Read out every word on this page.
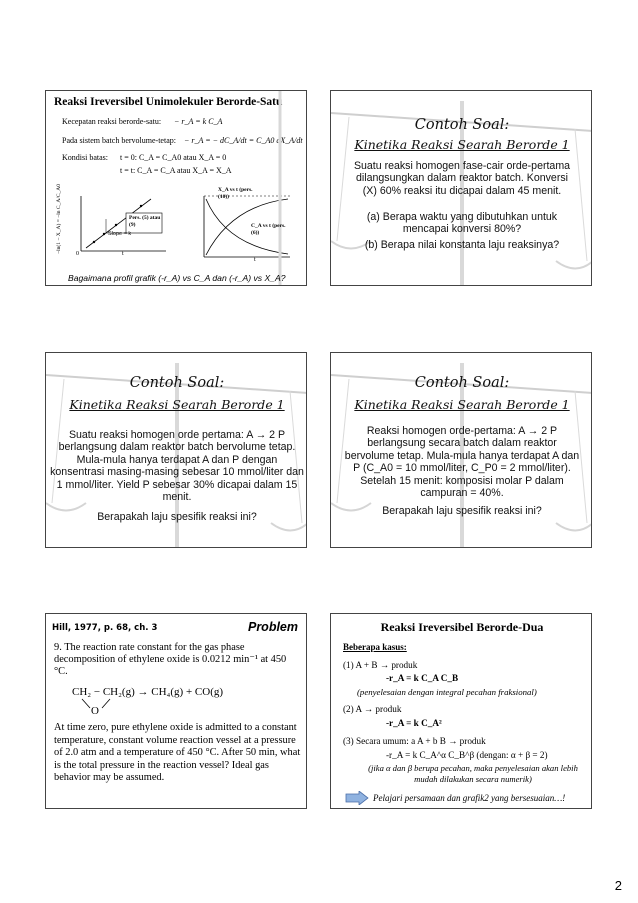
Reaksi Ireversibel Unimolekuler Berorde-Satu
Kecepatan reaksi berorde-satu: − r_A = k C_A
Pada sistem batch bervolume-tetap: − r_A = − dC_A/dt = C_A0 dX_A/dt
Kondisi batas: t = 0: C_A = C_A0 atau X_A = 0
t = t: C_A = C_A atau X_A = X_A
−ln(1 − X_A) = −ln C_A/C_A0 0	t
Pers. (5) atau (9)
Slope = k
X_A vs t (pers. (10))
C_A vs t (pers. (6))
t
Bagaimana profil grafik (-r_A) vs C_A dan (-r_A) vs X_A?
Contoh Soal:
Kinetika Reaksi Searah Berorde 1
Suatu reaksi homogen fase-cair orde-pertama dilangsungkan dalam reaktor batch. Konversi (X) 60% reaksi itu dicapai dalam 45 menit.
(a) Berapa waktu yang dibutuhkan untuk mencapai konversi 80%?
(b) Berapa nilai konstanta laju reaksinya?
Contoh Soal:
Kinetika Reaksi Searah Berorde 1
Suatu reaksi homogen orde pertama: A → 2 P berlangsung dalam reaktor batch bervolume tetap. Mula-mula hanya terdapat A dan P dengan konsentrasi masing-masing sebesar 10 mmol/liter dan 1 mmol/liter. Yield P sebesar 30% dicapai dalam 15 menit.
Berapakah laju spesifik reaksi ini?
Contoh Soal:
Kinetika Reaksi Searah Berorde 1
Reaksi homogen orde-pertama: A → 2 P berlangsung secara batch dalam reaktor bervolume tetap. Mula-mula hanya terdapat A dan P (C_A0 = 10 mmol/liter, C_P0 = 2 mmol/liter). Setelah 15 menit: komposisi molar P dalam campuran = 40%.
Berapakah laju spesifik reaksi ini?
Hill, 1977, p. 68, ch. 3	Problem
9. The reaction rate constant for the gas phase decomposition of ethylene oxide is 0.0212 min⁻¹ at 450 °C.
CH₂ − CH₂(g) → CH₄(g) + CO(g)
O
At time zero, pure ethylene oxide is admitted to a constant temperature, constant volume reaction vessel at a pressure of 2.0 atm and a temperature of 450 °C. After 50 min, what is the total pressure in the reaction vessel? Ideal gas behavior may be assumed.
Reaksi Ireversibel Berorde-Dua
Beberapa kasus:
(1) A + B → produk
-r_A = k C_A C_B
(penyelesaian dengan integral pecahan fraksional)
(2) A → produk
-r_A = k C_A²
(3) Secara umum: a A + b B → produk
-r_A = k C_A^α C_B^β (dengan: α + β = 2)
(jika α dan β berupa pecahan, maka penyelesaian akan lebih mudah dilakukan secara numerik)
Pelajari persamaan dan grafik2 yang bersesuaian…!
2
